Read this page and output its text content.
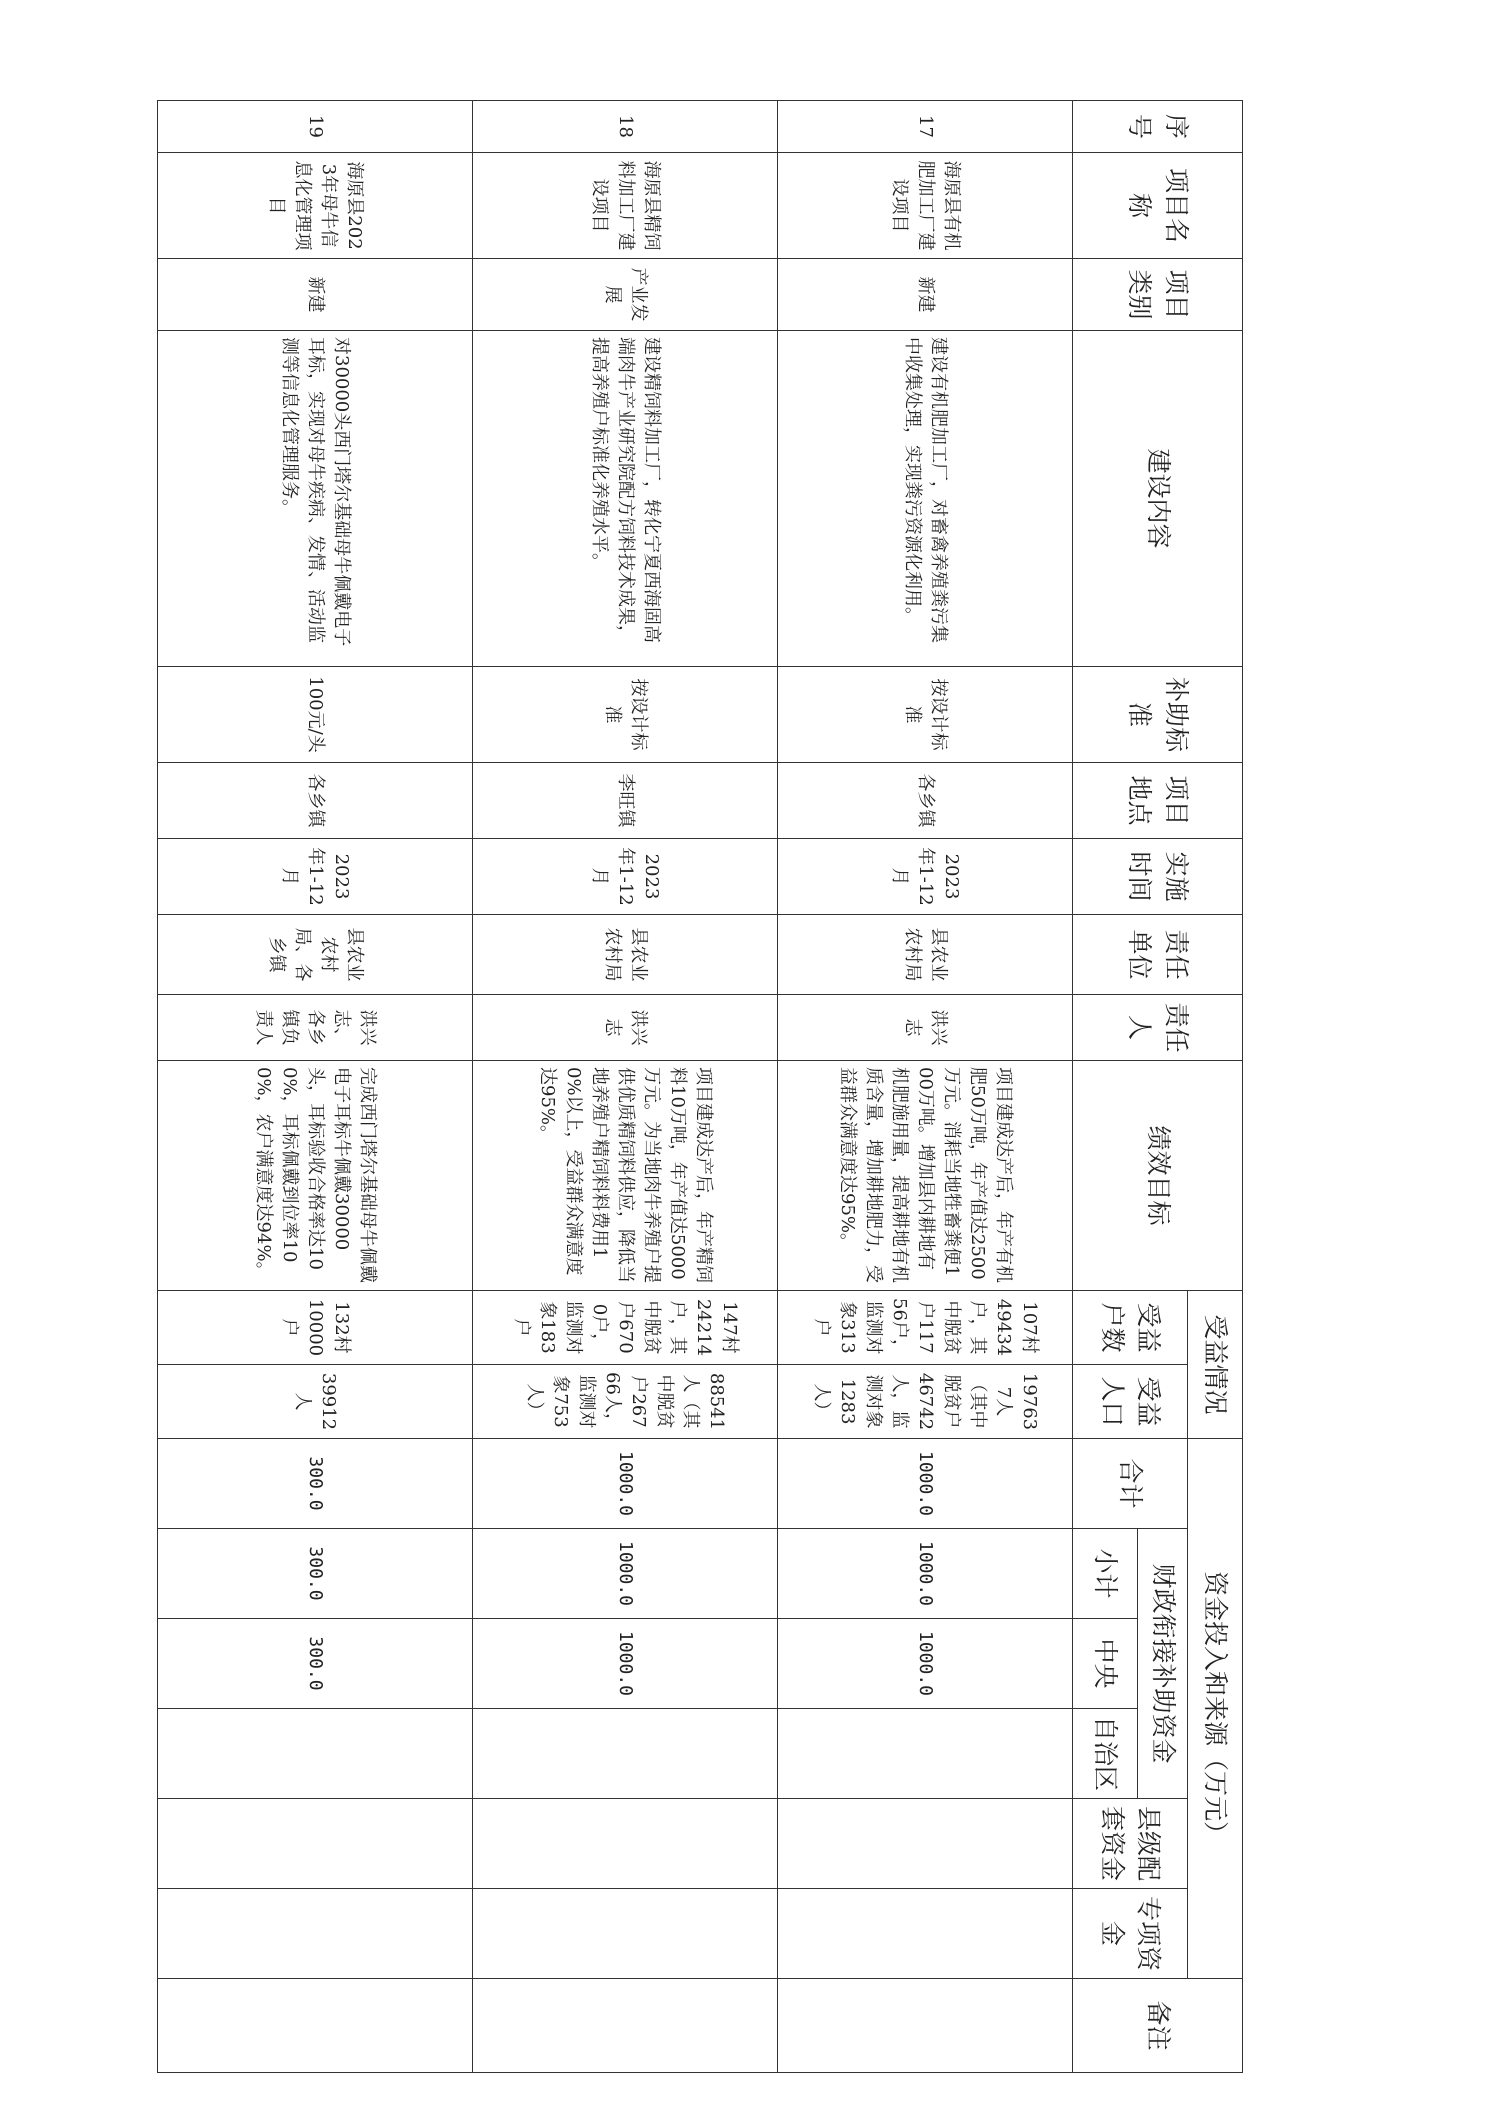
序号	项目名称	项目类别	建设内容	补助标准	项目地点	实施时间	责任单位	责任人	绩效目标	受益情况		资金投入和来源（万元）						备注
										受益户数	受益人口	合计	财政衔接补助资金			县级配套资金	专项资金	
													小计	中央	自治区			
17	海原县有机肥加工厂建设项目	新建	建设有机肥加工厂，对畜禽养殖粪污集中收集处理，实现粪污资源化利用。	按设计标准	各乡镇	2023年1-12月	县农业农村局	洪兴志	项目建成达产后，年产有机肥50万吨，年产值达2500万元。消耗当地牲畜粪便100万吨。增加县内耕地有机肥施用量，提高耕地有机质含量，增加耕地肥力，受益群众满意度达95%。	107村49434户，其中脱贫户11756户，监测对象313户	197637人（其中脱贫户46742人，监测对象1283人）	1000.0	1000.0	1000.0				
18	海原县精饲料加工厂建设项目	产业发展	建设精饲料加工厂，转化宁夏西海固高端肉牛产业研究院配方饲料技术成果，提高养殖户标准化养殖水平。	按设计标准	李旺镇	2023年1-12月	县农业农村局	洪兴志	项目建成达产后，年产精饲料10万吨，年产值达5000万元。为当地肉牛养殖户提供优质精饲料供应，降低当地养殖户精饲料料费用10%以上，受益群众满意度达95%。	147村24214户，其中脱贫户6700户，监测对象183户	88541人（其中脱贫户26766人，监测对象753人）	1000.0	1000.0	1000.0				
19	海原县2023年母牛信息化管理项目	新建	对30000头西门塔尔基础母牛佩戴电子耳标，实现对母牛疾病、发情、活动监测等信息化管理服务。	100元/头	各乡镇	2023年1-12月	县农业农村局、各乡镇	洪兴志、各乡镇负责人	完成西门塔尔基础母牛佩戴电子耳标牛佩戴30000头，耳标验收合格率达100%，耳标佩戴到位率100%，农户满意度达94%。	132村10000户	39912人	300.0	300.0	300.0				
